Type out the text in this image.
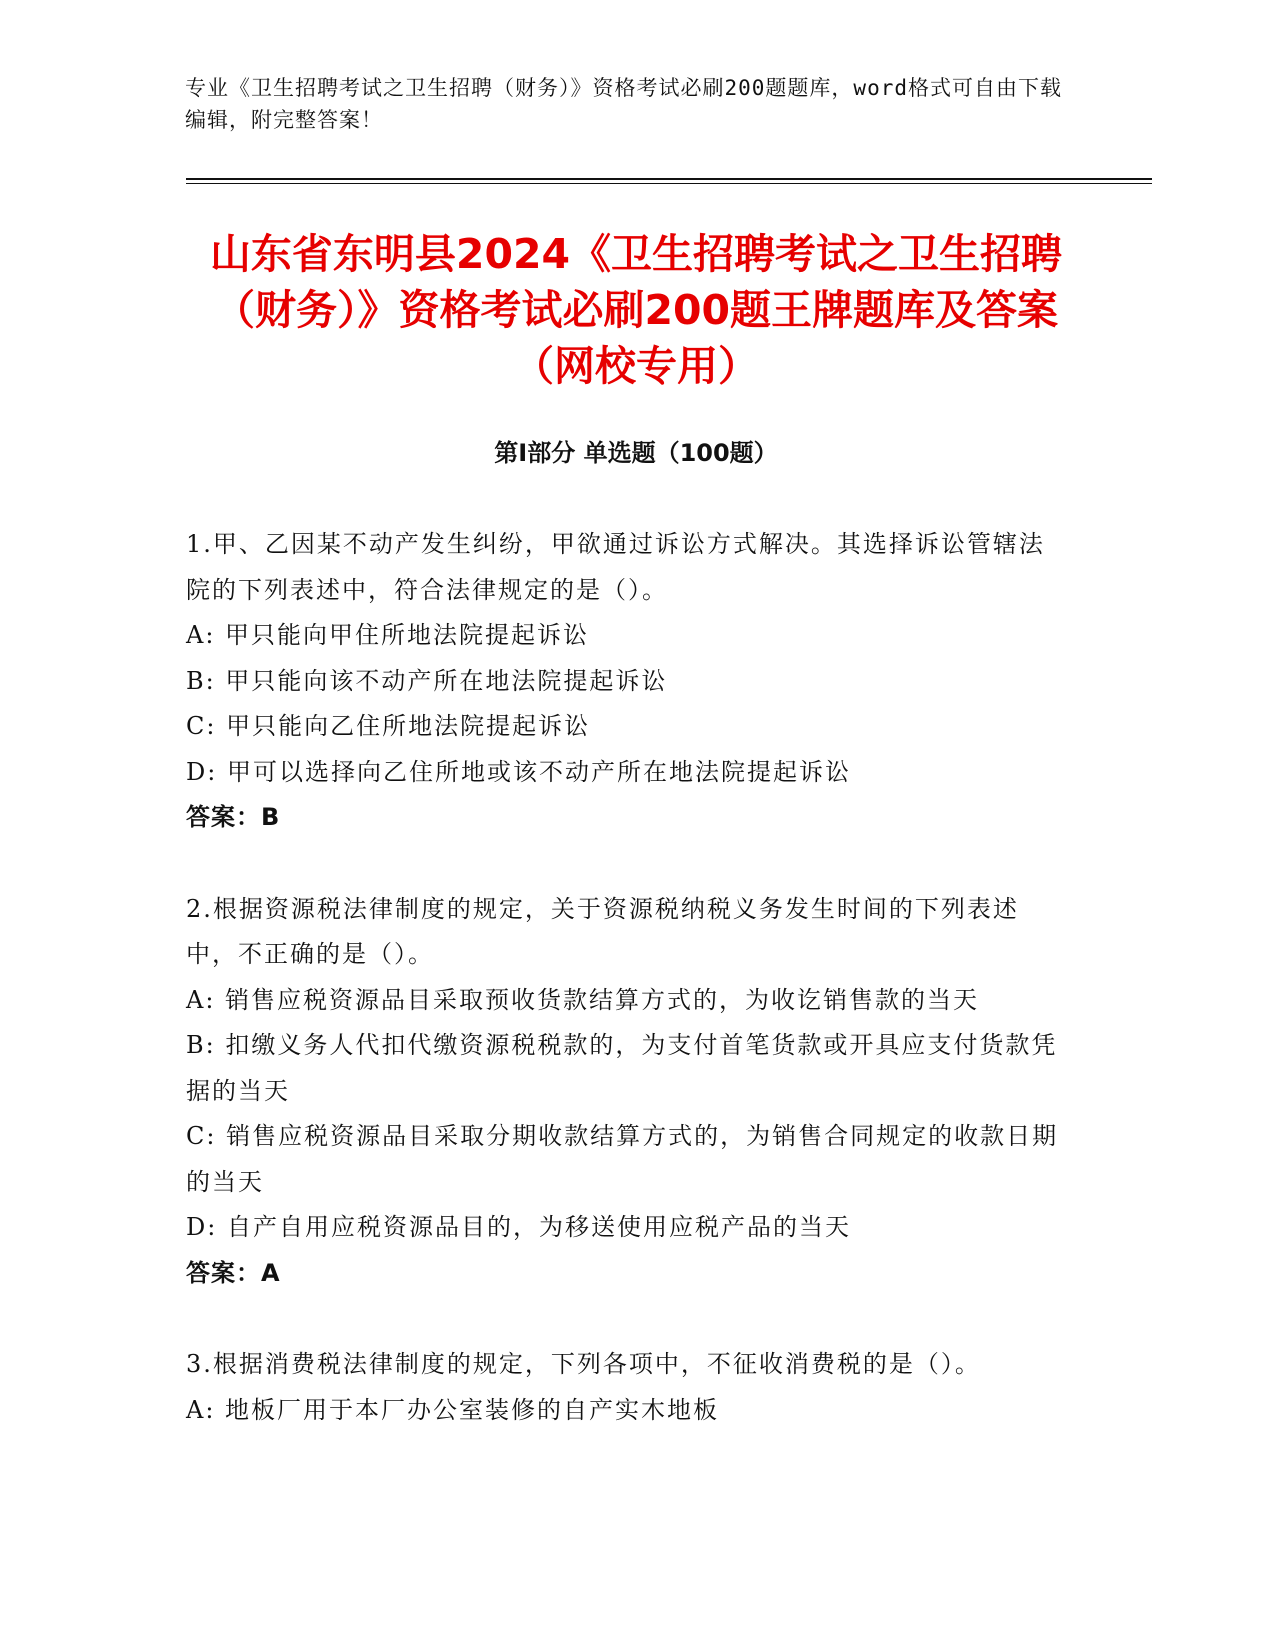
专业《卫生招聘考试之卫生招聘（财务）》资格考试必刷200题题库，word格式可自由下载编辑，附完整答案！
山东省东明县2024《卫生招聘考试之卫生招聘（财务）》资格考试必刷200题王牌题库及答案（网校专用）
第I部分 单选题（100题）
1.甲、乙因某不动产发生纠纷，甲欲通过诉讼方式解决。其选择诉讼管辖法院的下列表述中，符合法律规定的是（）。
A: 甲只能向甲住所地法院提起诉讼
B: 甲只能向该不动产所在地法院提起诉讼
C: 甲只能向乙住所地法院提起诉讼
D: 甲可以选择向乙住所地或该不动产所在地法院提起诉讼
答案：B
2.根据资源税法律制度的规定，关于资源税纳税义务发生时间的下列表述中，不正确的是（）。
A: 销售应税资源品目采取预收货款结算方式的，为收讫销售款的当天
B: 扣缴义务人代扣代缴资源税税款的，为支付首笔货款或开具应支付货款凭据的当天
C: 销售应税资源品目采取分期收款结算方式的，为销售合同规定的收款日期的当天
D: 自产自用应税资源品目的，为移送使用应税产品的当天
答案：A
3.根据消费税法律制度的规定，下列各项中，不征收消费税的是（）。
A: 地板厂用于本厂办公室装修的自产实木地板
